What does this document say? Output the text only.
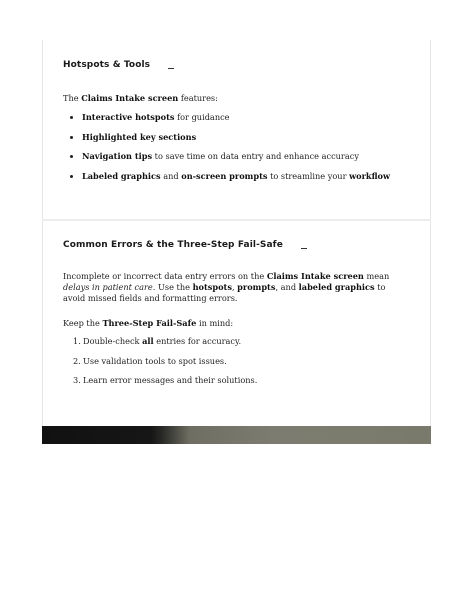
Hotspots & Tools
The Claims Intake screen features:
Interactive hotspots for guidance
Highlighted key sections
Navigation tips to save time on data entry and enhance accuracy
Labeled graphics and on-screen prompts to streamline your workflow
Common Errors & the Three-Step Fail-Safe
Incomplete or incorrect data entry errors on the Claims Intake screen mean delays in patient care. Use the hotspots, prompts, and labeled graphics to avoid missed fields and formatting errors.
Keep the Three-Step Fail-Safe in mind:
1. Double-check all entries for accuracy.
2. Use validation tools to spot issues.
3. Learn error messages and their solutions.
